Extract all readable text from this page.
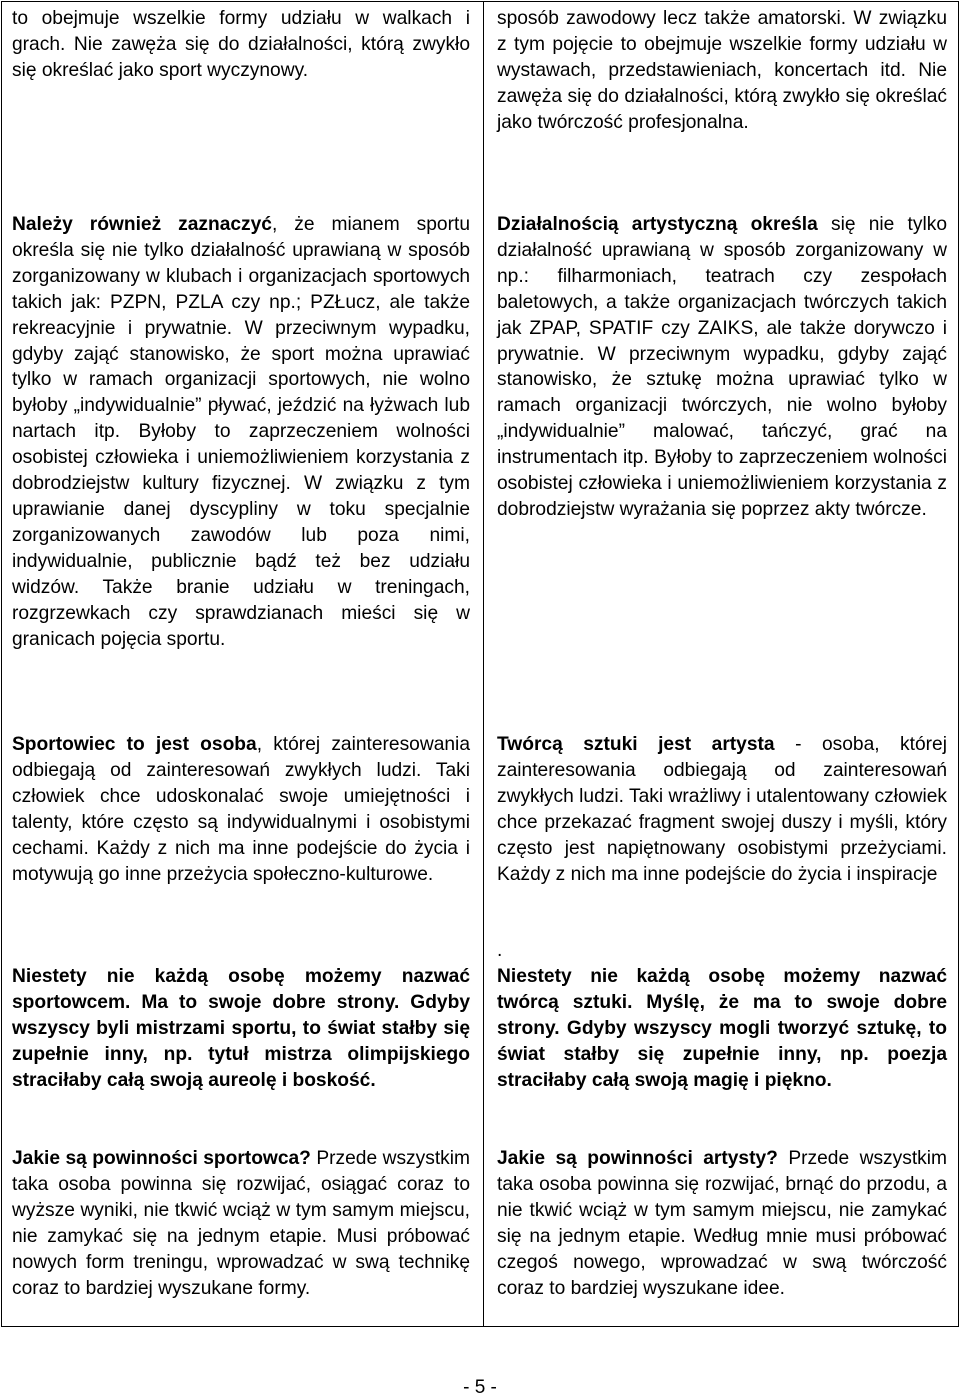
to obejmuje wszelkie formy udziału w walkach i grach. Nie zawęża się do działalności, którą zwykło się określać jako sport wyczynowy.

Należy również zaznaczyć, że mianem sportu określa się nie tylko działalność uprawianą w sposób zorganizowany w klubach i organizacjach sportowych takich jak: PZPN, PZLA czy np.; PZŁucz, ale także rekreacyjnie i prywatnie. W przeciwnym wypadku, gdyby zająć stanowisko, że sport można uprawiać tylko w ramach organizacji sportowych, nie wolno byłoby „indywidualnie” pływać, jeździć na łyżwach lub nartach itp. Byłoby to zaprzeczeniem wolności osobistej człowieka i uniemożliwieniem korzystania z dobrodziejstw kultury fizycznej. W związku z tym uprawianie danej dyscypliny w toku specjalnie zorganizowanych zawodów lub poza nimi, indywidualnie, publicznie bądź też bez udziału widzów. Także branie udziału w treningach, rozgrzewkach czy sprawdzianach mieści się w granicach pojęcia sportu.

Sportowiec to jest osoba, której zainteresowania odbiegają od zainteresowań zwykłych ludzi. Taki człowiek chce udoskonalać swoje umiejętności i talenty, które często są indywidualnymi i osobistymi cechami. Każdy z nich ma inne podejście do życia i motywują go inne przeżycia społeczno-kulturowe.

Niestety nie każdą osobę możemy nazwać sportowcem. Ma to swoje dobre strony. Gdyby wszyscy byli mistrzami sportu, to świat stałby się zupełnie inny, np. tytuł mistrza olimpijskiego straciłaby całą swoją aureolę i boskość.

Jakie są powinności sportowca? Przede wszystkim taka osoba powinna się rozwijać, osiągać coraz to wyższe wyniki, nie tkwić wciąż w tym samym miejscu, nie zamykać się na jednym etapie. Musi próbować nowych form treningu, wprowadzać w swą technikę coraz to bardziej wyszukane formy.

sposób zawodowy lecz także amatorski. W związku z tym pojęcie to obejmuje wszelkie formy udziału w wystawach, przedstawieniach, koncertach itd. Nie zawęża się do działalności, którą zwykło się określać jako twórczość profesjonalna.

Działalnością artystyczną określa się nie tylko działalność uprawianą w sposób zorganizowany w np.: filharmoniach, teatrach czy zespołach baletowych, a także organizacjach twórczych takich jak ZPAP, SPATIF czy ZAIKS, ale także dorywczo i prywatnie. W przeciwnym wypadku, gdyby zająć stanowisko, że sztukę można uprawiać tylko w ramach organizacji twórczych, nie wolno byłoby „indywidualnie” malować, tańczyć, grać na instrumentach itp. Byłoby to zaprzeczeniem wolności osobistej człowieka i uniemożliwieniem korzystania z dobrodziejstw wyrażania się poprzez akty twórcze.

Twórcą sztuki jest artysta - osoba, której zainteresowania odbiegają od zainteresowań zwykłych ludzi. Taki wrażliwy i utalentowany człowiek chce przekazać fragment swojej duszy i myśli, który często jest napiętnowany osobistymi przeżyciami. Każdy z nich ma inne podejście do życia i inspiracje

.

Niestety nie każdą osobę możemy nazwać twórcą sztuki. Myślę, że ma to swoje dobre strony. Gdyby wszyscy mogli tworzyć sztukę, to świat stałby się zupełnie inny, np. poezja straciłaby całą swoją magię i piękno.

Jakie są powinności artysty? Przede wszystkim taka osoba powinna się rozwijać, brnąć do przodu, a nie tkwić wciąż w tym samym miejscu, nie zamykać się na jednym etapie. Według mnie musi próbować czegoś nowego, wprowadzać w swą twórczość coraz to bardziej wyszukane idee.

- 5 -
